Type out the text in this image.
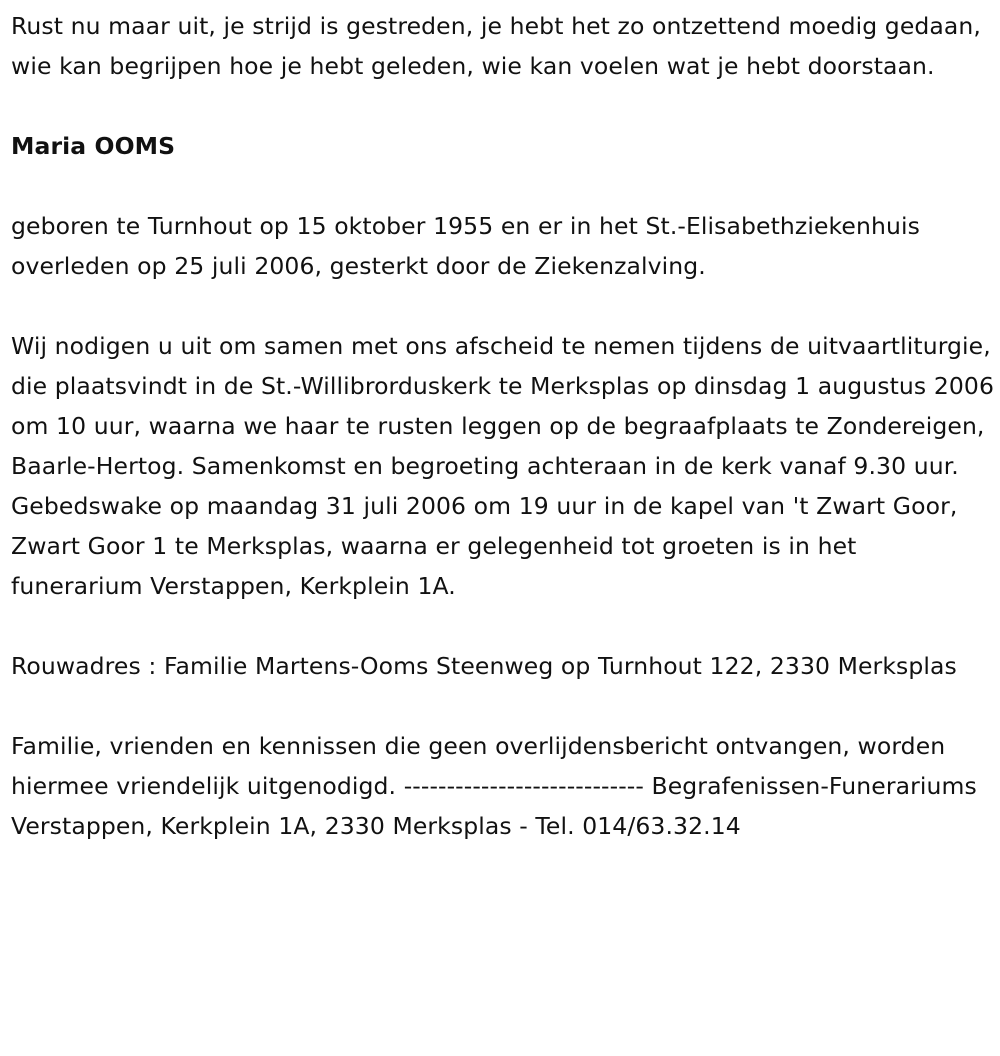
Rust nu maar uit, je strijd is gestreden, je hebt het zo ontzettend moedig gedaan, wie kan begrijpen hoe je hebt geleden, wie kan voelen wat je hebt doorstaan.

Maria OOMS

geboren te Turnhout op 15 oktober 1955 en er in het St.-Elisabethziekenhuis overleden op 25 juli 2006, gesterkt door de Ziekenzalving.

Wij nodigen u uit om samen met ons afscheid te nemen tijdens de uitvaartliturgie, die plaatsvindt in de St.-Willibrorduskerk te Merksplas op dinsdag 1 augustus 2006 om 10 uur, waarna we haar te rusten leggen op de begraafplaats te Zondereigen, Baarle-Hertog. Samenkomst en begroeting achteraan in de kerk vanaf 9.30 uur. Gebedswake op maandag 31 juli 2006 om 19 uur in de kapel van 't Zwart Goor, Zwart Goor 1 te Merksplas, waarna er gelegenheid tot groeten is in het funerarium Verstappen, Kerkplein 1A.

Rouwadres : Familie Martens-Ooms Steenweg op Turnhout 122, 2330 Merksplas

Familie, vrienden en kennissen die geen overlijdensbericht ontvangen, worden hiermee vriendelijk uitgenodigd. ---------------------------- Begrafenissen-Funerariums Verstappen, Kerkplein 1A, 2330 Merksplas - Tel. 014/63.32.14
